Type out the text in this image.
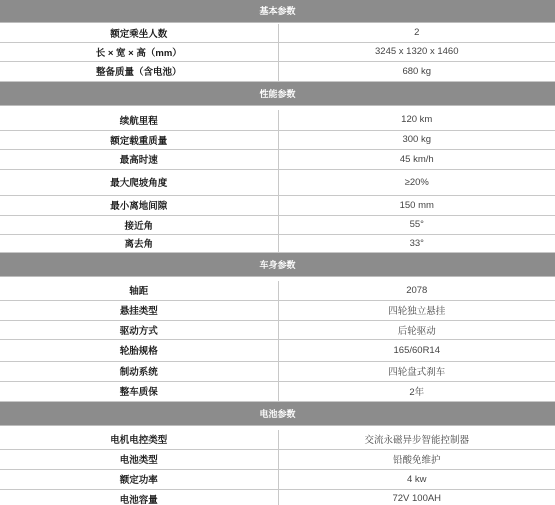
基本参数	

额定乘坐人数	2
长 × 宽 × 高（mm）	3245 x 1320 x 1460
整备质量（含电池）	680 kg
性能参数	

续航里程	120 km
额定载重质量	300 kg
最高时速	45 km/h
最大爬坡角度	≥20%
最小离地间隙	150 mm
接近角	55°
离去角	33°
车身参数	

轴距	2078
悬挂类型	四轮独立悬挂
驱动方式	后轮驱动
轮胎规格	165/60R14
制动系统	四轮盘式刹车
整车质保	2年
电池参数	

电机电控类型	交流永磁异步智能控制器
电池类型	铅酸免维护
额定功率	4 kw
电池容量	72V 100AH
